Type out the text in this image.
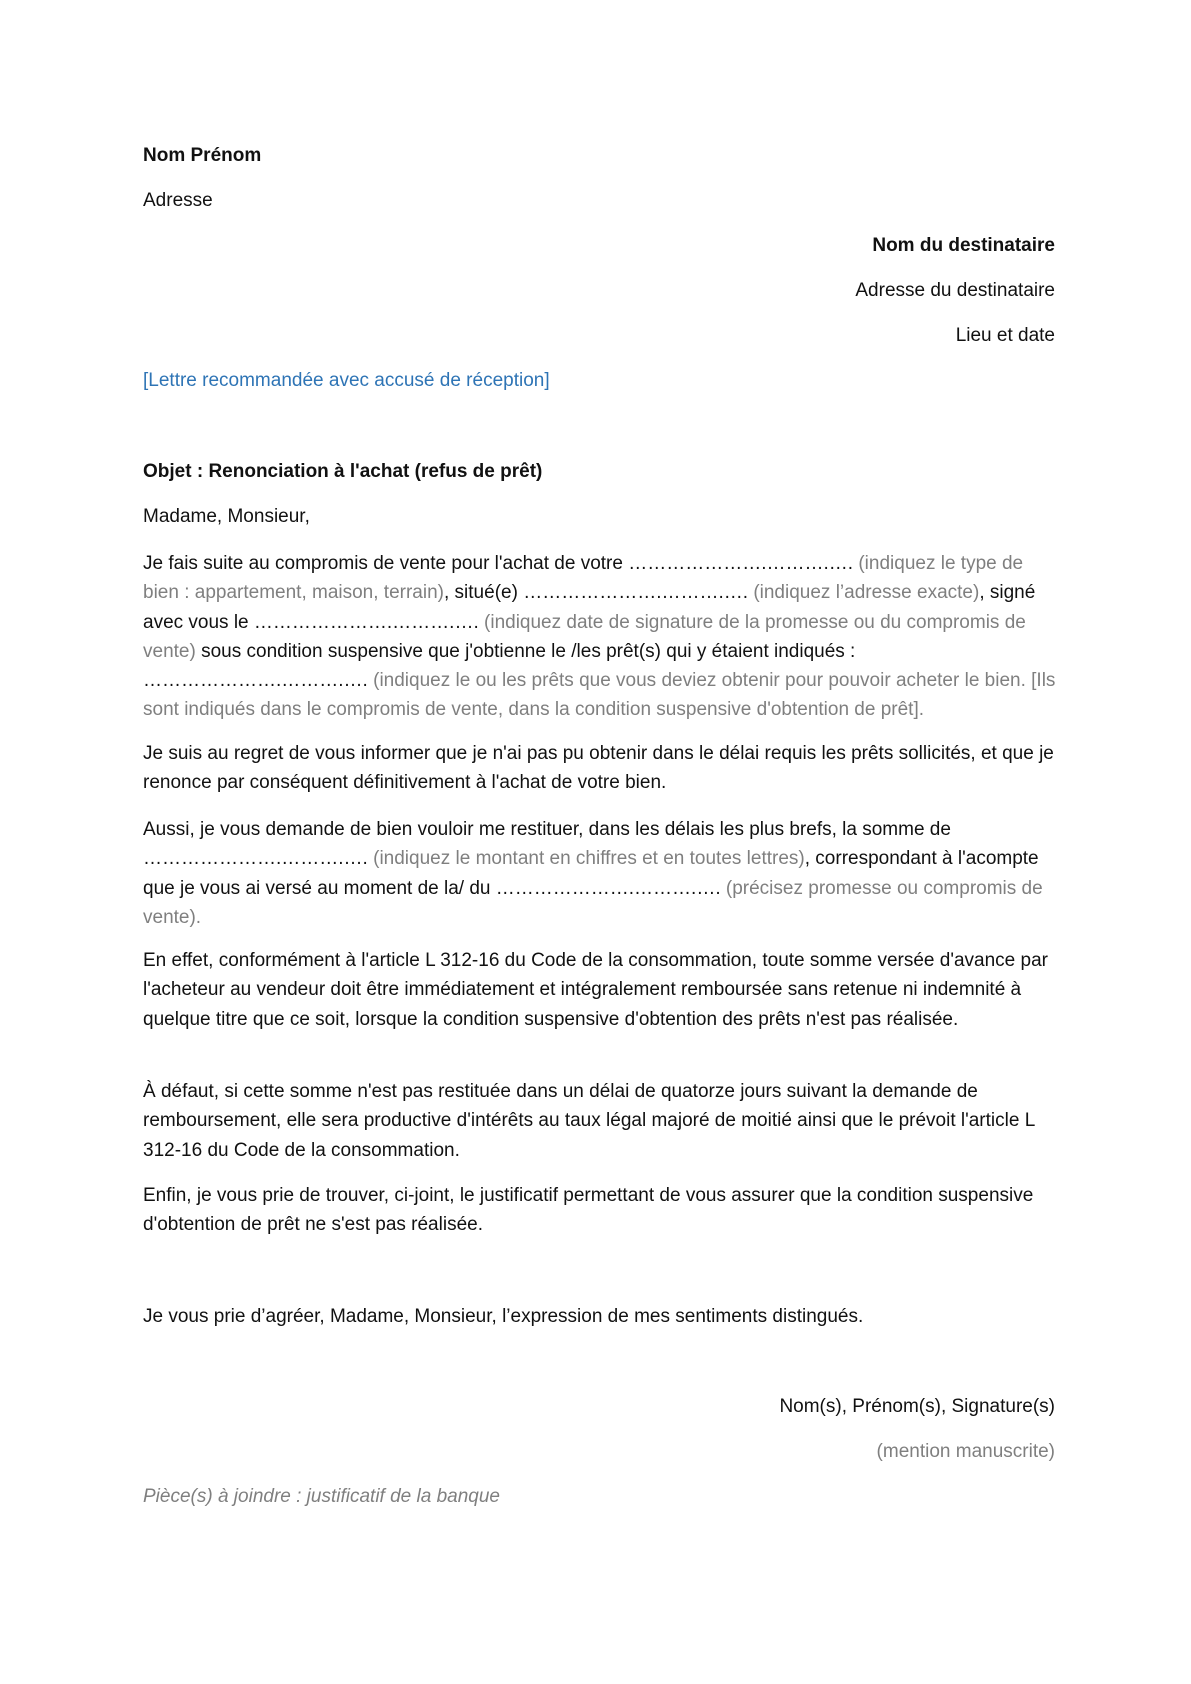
Nom Prénom
Adresse
Nom du destinataire
Adresse du destinataire
Lieu et date
[Lettre recommandée avec accusé de réception]
Objet : Renonciation à l'achat (refus de prêt)
Madame, Monsieur,
Je fais suite au compromis de vente pour l'achat de votre ………………….……….…. (indiquez le type de bien : appartement, maison, terrain), situé(e) ………………….……….…. (indiquez l’adresse exacte), signé avec vous le ………………….……….…. (indiquez date de signature de la promesse ou du compromis de vente) sous condition suspensive que j'obtienne le /les prêt(s) qui y étaient indiqués : ………………….……….…. (indiquez le ou les prêts que vous deviez obtenir pour pouvoir acheter le bien. [Ils sont indiqués dans le compromis de vente, dans la condition suspensive d'obtention de prêt].
Je suis au regret de vous informer que je n'ai pas pu obtenir dans le délai requis les prêts sollicités, et que je renonce par conséquent définitivement à l'achat de votre bien.
Aussi, je vous demande de bien vouloir me restituer, dans les délais les plus brefs, la somme de ………………….……….…. (indiquez le montant en chiffres et en toutes lettres), correspondant à l'acompte que je vous ai versé au moment de la/ du ………………….……….…. (précisez promesse ou compromis de vente).
En effet, conformément à l'article L 312-16 du Code de la consommation, toute somme versée d'avance par l'acheteur au vendeur doit être immédiatement et intégralement remboursée sans retenue ni indemnité à quelque titre que ce soit, lorsque la condition suspensive d'obtention des prêts n'est pas réalisée.
À défaut, si cette somme n'est pas restituée dans un délai de quatorze jours suivant la demande de remboursement, elle sera productive d'intérêts au taux légal majoré de moitié ainsi que le prévoit l'article L 312-16 du Code de la consommation.
Enfin, je vous prie de trouver, ci-joint, le justificatif permettant de vous assurer que la condition suspensive d'obtention de prêt ne s'est pas réalisée.
Je vous prie d’agréer, Madame, Monsieur, l’expression de mes sentiments distingués.
Nom(s), Prénom(s), Signature(s)
(mention manuscrite)
Pièce(s) à joindre : justificatif de la banque
